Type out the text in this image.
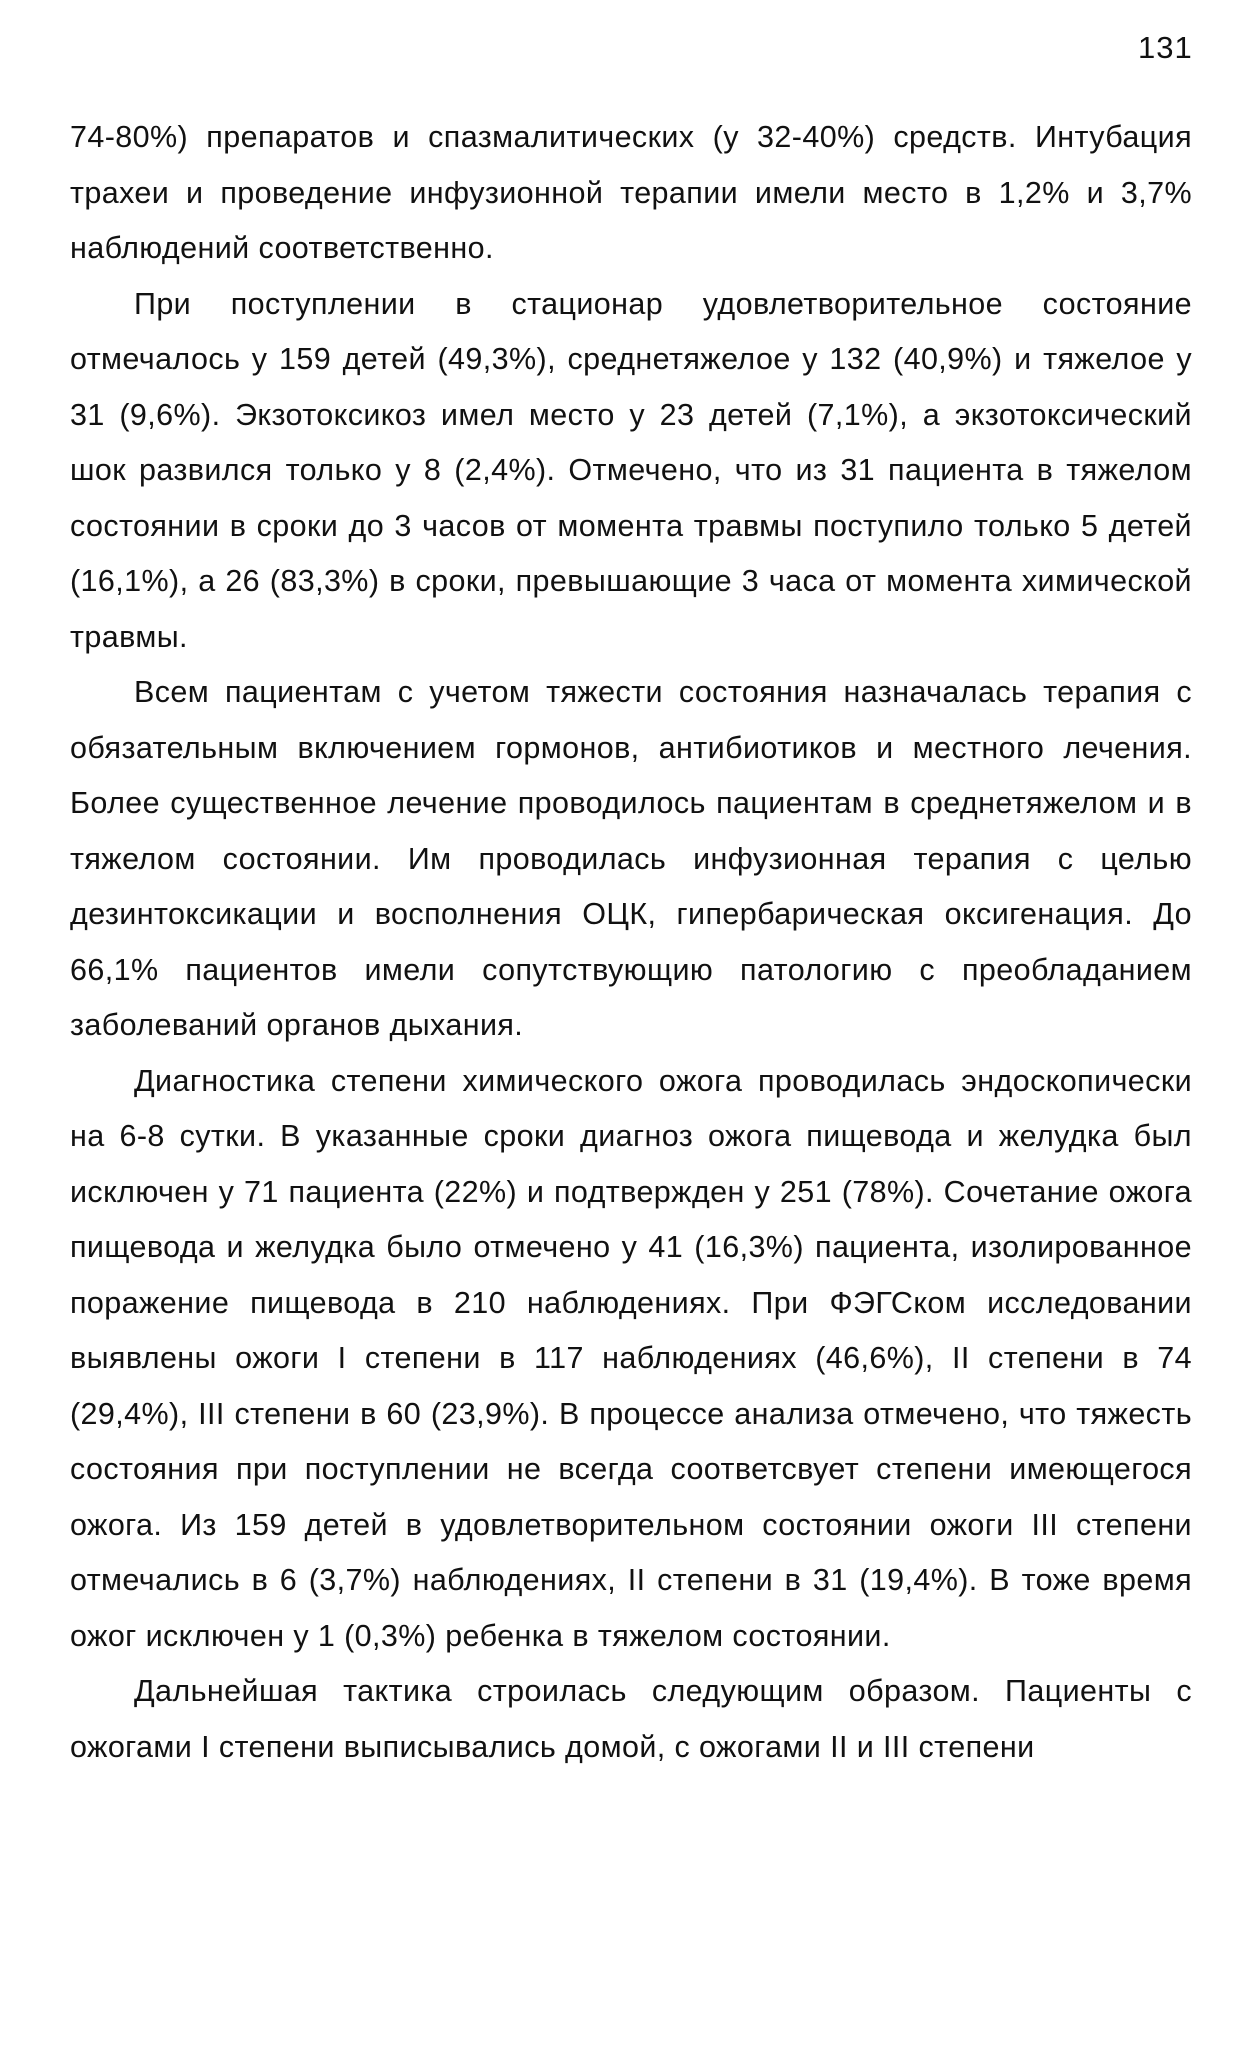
131

74-80%) препаратов и спазмалитических (у 32-40%) средств. Интубация трахеи и проведение инфузионной терапии имели место в 1,2% и 3,7% наблюдений соответственно.

При поступлении в стационар удовлетворительное состояние отмечалось у 159 детей (49,3%), среднетяжелое у 132 (40,9%) и тяжелое у 31 (9,6%). Экзотоксикоз имел место у 23 детей (7,1%), а экзотоксический шок развился только у 8 (2,4%). Отмечено, что из 31 пациента в тяжелом состоянии в сроки до 3 часов от момента травмы поступило только 5 детей (16,1%), а 26 (83,3%) в сроки, превышающие 3 часа от момента химической травмы.

Всем пациентам с учетом тяжести состояния назначалась терапия с обязательным включением гормонов, антибиотиков и местного лечения. Более существенное лечение проводилось пациентам в среднетяжелом и в тяжелом состоянии. Им проводилась инфузионная терапия с целью дезинтоксикации и восполнения ОЦК, гипербарическая оксигенация. До 66,1% пациентов имели сопутствующию патологию с преобладанием заболеваний органов дыхания.

Диагностика степени химического ожога проводилась эндоскопически на 6-8 сутки. В указанные сроки диагноз ожога пищевода и желудка был исключен у 71 пациента (22%) и подтвержден у 251 (78%). Сочетание ожога пищевода и желудка было отмечено у 41 (16,3%) пациента, изолированное поражение пищевода в 210 наблюдениях. При ФЭГСком исследовании выявлены ожоги I степени в 117 наблюдениях (46,6%), II степени в 74 (29,4%), III степени в 60 (23,9%). В процессе анализа отмечено, что тяжесть состояния при поступлении не всегда соответсвует степени имеющегося ожога. Из 159 детей в удовлетворительном состоянии ожоги III степени отмечались в 6 (3,7%) наблюдениях, II степени в 31 (19,4%). В тоже время ожог исключен у 1 (0,3%) ребенка в тяжелом состоянии.

Дальнейшая тактика строилась следующим образом. Пациенты с ожогами I степени выписывались домой, с ожогами II и III степени
